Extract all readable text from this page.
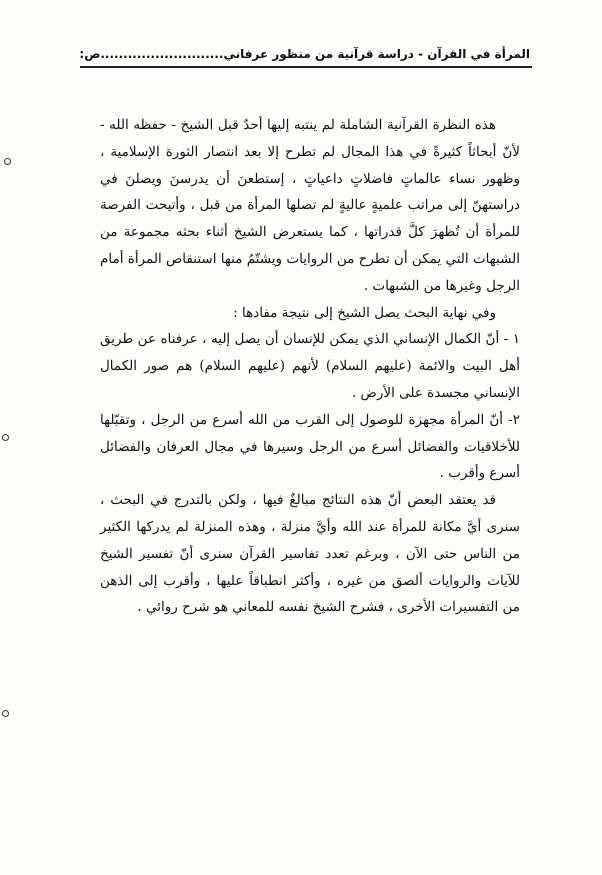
المرأة في القرآن - دراسة قرآنية من منظور عرفاني
...........................
ص:

هذه النظرة القرآنية الشاملة لم ينتبه إليها أحدٌ قبل الشيخ - حفظه الله - لأنّ أبحاثاً كثيرةً في هذا المجال لم تطرح إلا بعد انتصار الثورة الإسلامية ، وظهور نساء عالماتٍ فاضلاتٍ داعياتٍ ، إستطعنَ أن يدرسنَ ويصلنَ في دراستهنّ إلى مراتب علميةٍ عاليةٍ لم تصلها المرأة من قبل ، وأتيحت الفرصة للمرأة أن تُظهرَ كلَّ قدراتها ، كما يستعرض الشيخ أثناء بحثه مجموعة من الشبهات التي يمكن أن تطرح من الروايات ويشتّمُ منها استنقاص المرأة أمام الرجل وغيرها من الشبهات .

وفي نهاية البحث يصل الشيخ إلى نتيجة مفادها :

١ - أنّ الكمال الإنساني الذي يمكن للإنسان أن يصل إليه ، عرفناه عن طريق أهل البيت والائمة (عليهم السلام) لأنهم (عليهم السلام) هم صور الكمال الإنساني مجسدة على الأرض .

٢- أنّ المرأة مجهزة للوصول إلى القرب من الله أسرع من الرجل ، وتقبّلها للأخلاقيات والفضائل أسرع من الرجل وسيرها في مجال العرفان والفضائل أسرع وأقرب .

قد يعتقد البعض أنّ هذه النتائج مبالغٌ فيها ، ولكن بالتدرج في البحث ، سنرى أيَّ مكانة للمرأة عند الله وأيَّ منزلة ، وهذه المنزلة لم يدركها الكثير من الناس حتى الآن ، وبرغم تعدد تفاسير القرآن سنرى أنّ تفسير الشيخ للآيات والروايات ألصق من غيره ، وأكثر انطباقاً عليها ، وأقرب إلى الذهن من التفسيرات الأخرى ، فشرح الشيخ نفسه للمعاني هو شرح روائي .
